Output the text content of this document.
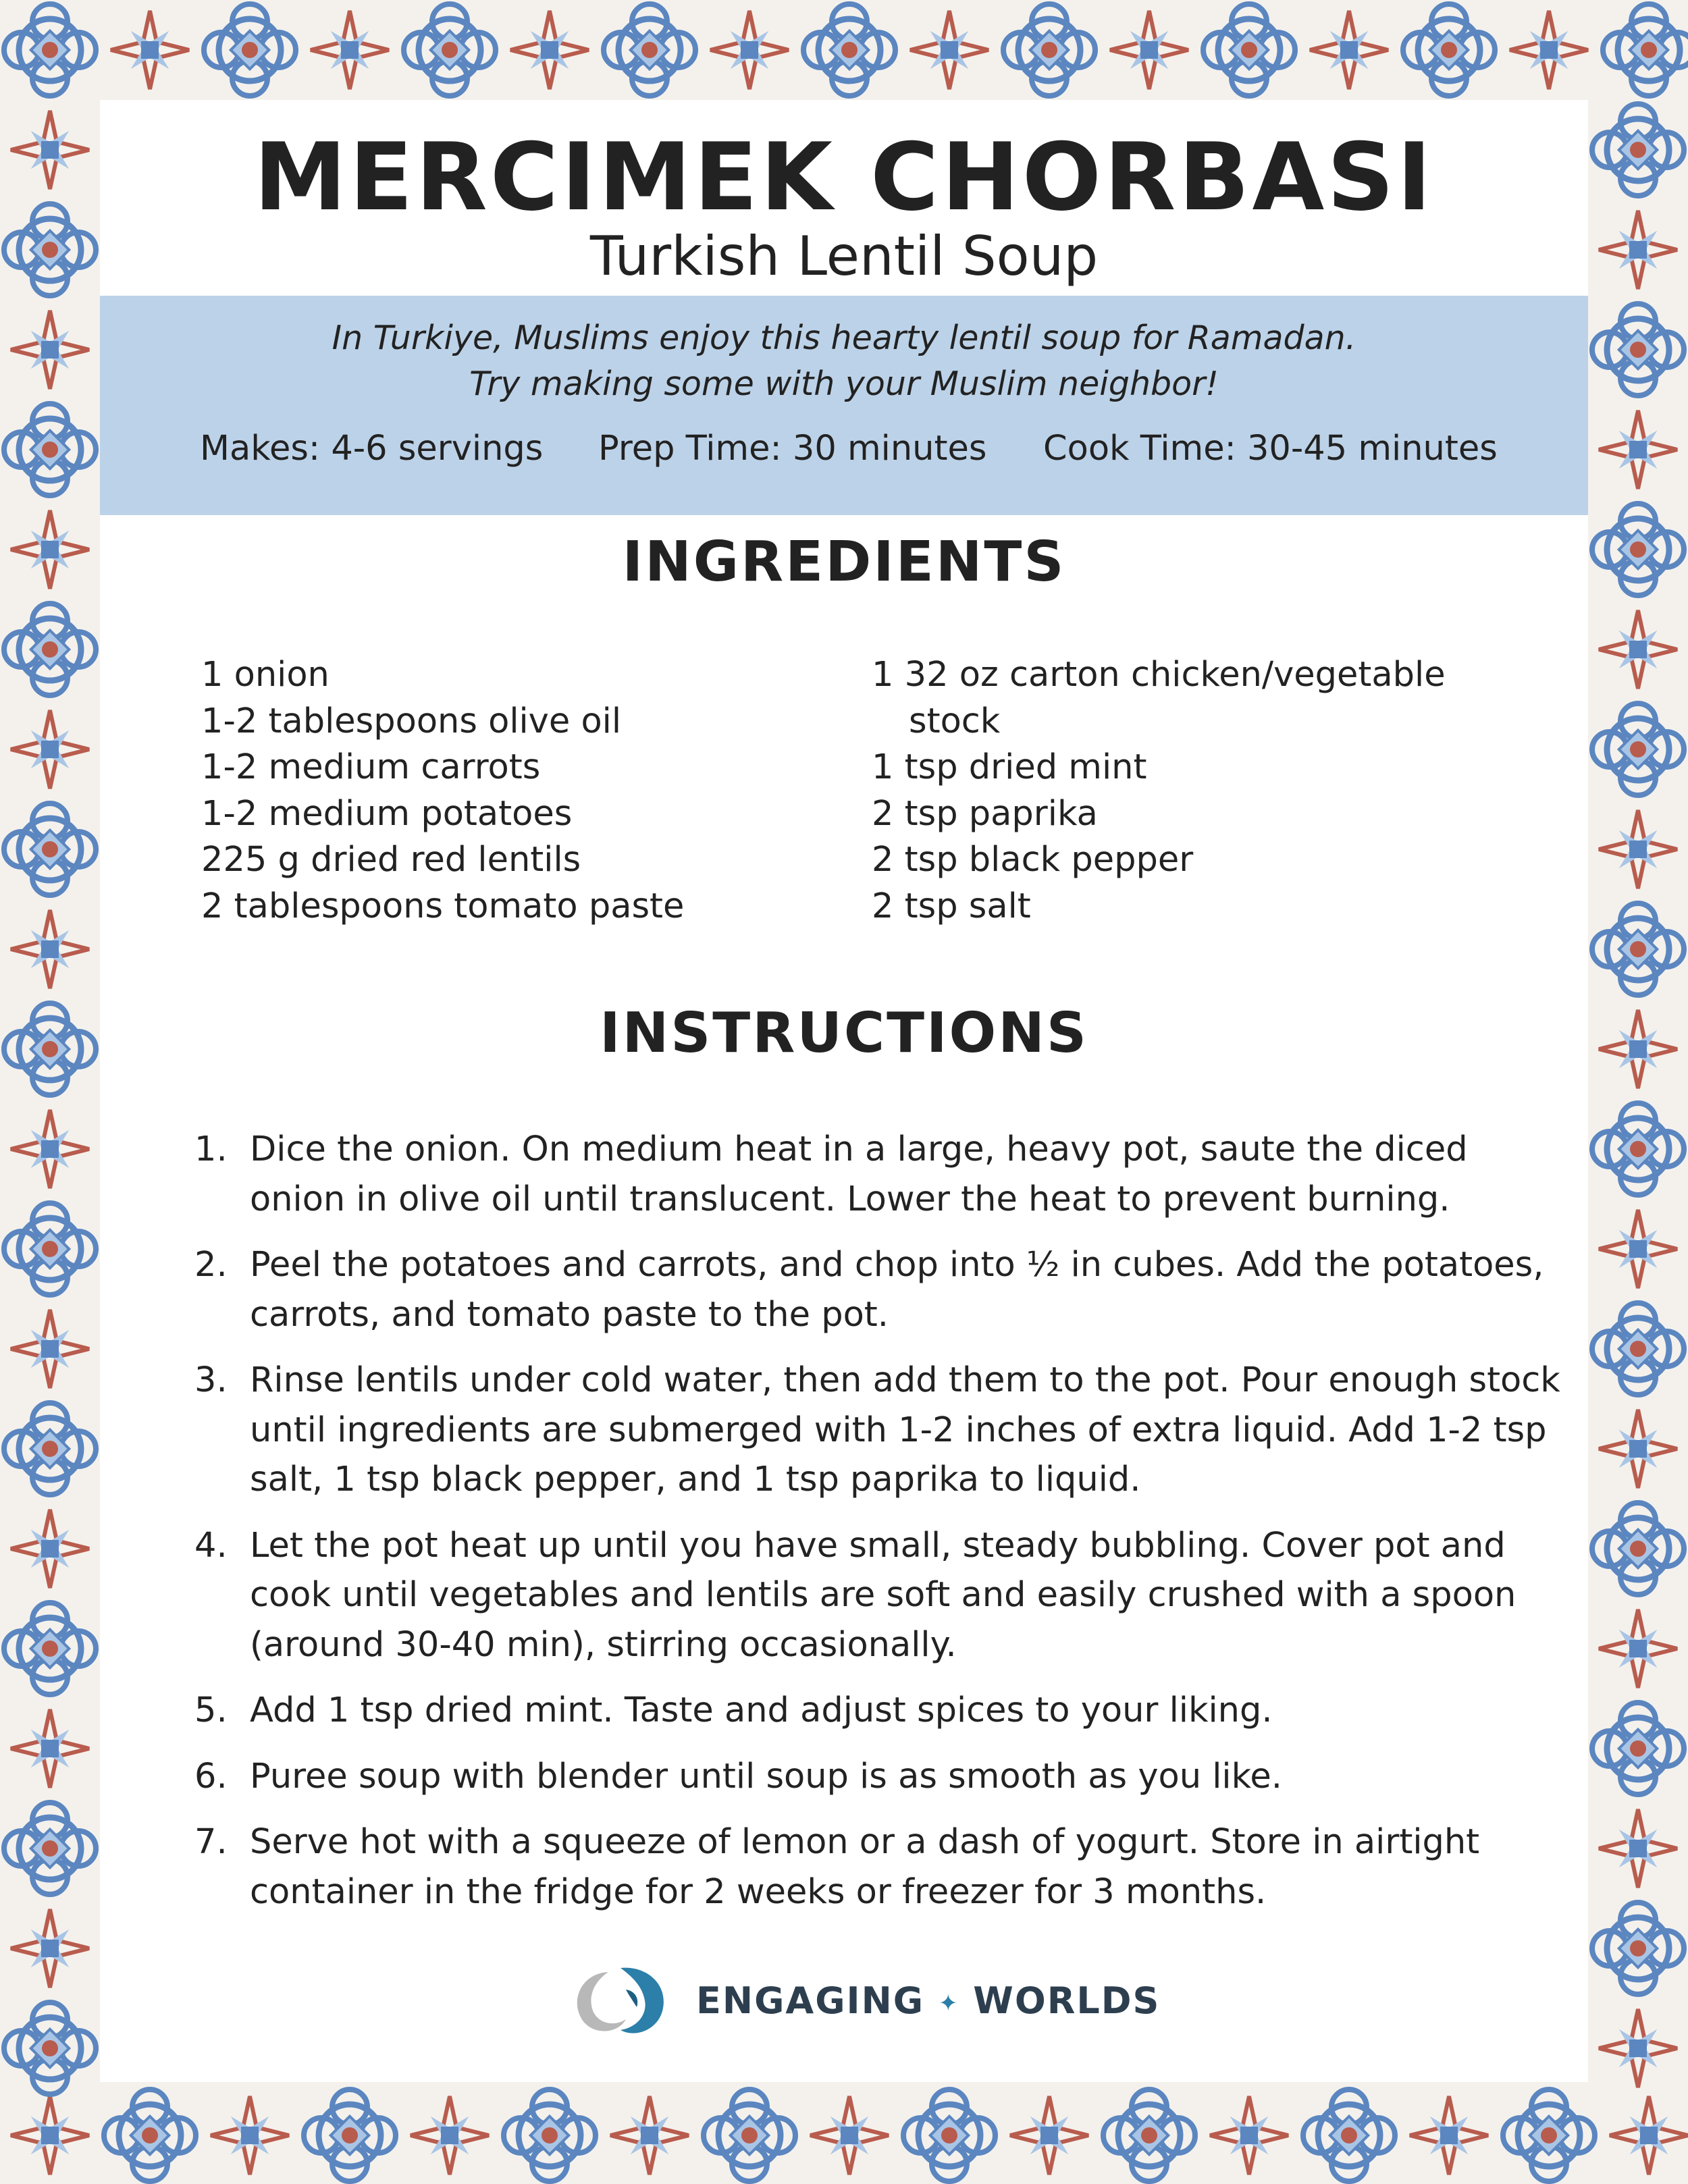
MERCIMEK CHORBASI
Turkish Lentil Soup
In Turkiye, Muslims enjoy this hearty lentil soup for Ramadan.
Try making some with your Muslim neighbor!
Makes: 4-6 servings Prep Time: 30 minutes Cook Time: 30-45 minutes
INGREDIENTS
1 onion
1-2 tablespoons olive oil
1-2 medium carrots
1-2 medium potatoes
225 g dried red lentils
2 tablespoons tomato paste
1 32 oz carton chicken/vegetable
stock
1 tsp dried mint
2 tsp paprika
2 tsp black pepper
2 tsp salt
INSTRUCTIONS
1. Dice the onion. On medium heat in a large, heavy pot, saute the diced onion in olive oil until translucent. Lower the heat to prevent burning.
2. Peel the potatoes and carrots, and chop into ½ in cubes. Add the potatoes, carrots, and tomato paste to the pot.
3. Rinse lentils under cold water, then add them to the pot. Pour enough stock until ingredients are submerged with 1-2 inches of extra liquid. Add 1-2 tsp salt, 1 tsp black pepper, and 1 tsp paprika to liquid.
4. Let the pot heat up until you have small, steady bubbling. Cover pot and cook until vegetables and lentils are soft and easily crushed with a spoon (around 30-40 min), stirring occasionally.
5. Add 1 tsp dried mint. Taste and adjust spices to your liking.
6. Puree soup with blender until soup is as smooth as you like.
7. Serve hot with a squeeze of lemon or a dash of yogurt. Store in airtight container in the fridge for 2 weeks or freezer for 3 months.
ENGAGING ✦ WORLDS
